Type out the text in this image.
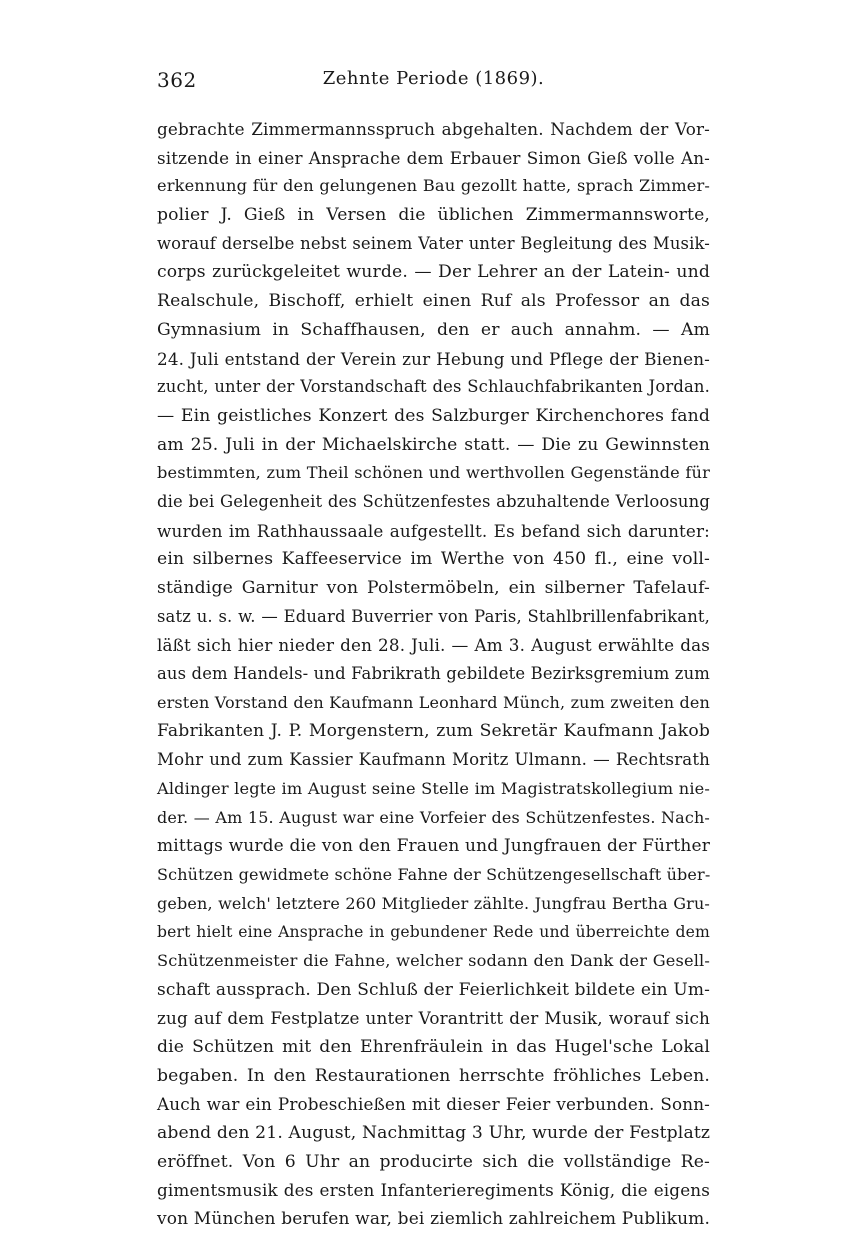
362	Zehnte Periode (1869).
gebrachte Zimmermannsspruch abgehalten. Nachdem der Vor-
sitzende in einer Ansprache dem Erbauer Simon Gieß volle An-
erkennung für den gelungenen Bau gezollt hatte, sprach Zimmer-
polier J. Gieß in Versen die üblichen Zimmermannsworte,
worauf derselbe nebst seinem Vater unter Begleitung des Musik-
corps zurückgeleitet wurde. — Der Lehrer an der Latein- und
Realschule, Bischoff, erhielt einen Ruf als Professor an das
Gymnasium in Schaffhausen, den er auch annahm. — Am
24. Juli entstand der Verein zur Hebung und Pflege der Bienen-
zucht, unter der Vorstandschaft des Schlauchfabrikanten Jordan.
— Ein geistliches Konzert des Salzburger Kirchenchores fand
am 25. Juli in der Michaelskirche statt. — Die zu Gewinnsten
bestimmten, zum Theil schönen und werthvollen Gegenstände für
die bei Gelegenheit des Schützenfestes abzuhaltende Verloosung
wurden im Rathhaussaale aufgestellt. Es befand sich darunter:
ein silbernes Kaffeeservice im Werthe von 450 fl., eine voll-
ständige Garnitur von Polstermöbeln, ein silberner Tafelauf-
satz u. s. w. — Eduard Buverrier von Paris, Stahlbrillenfabrikant,
läßt sich hier nieder den 28. Juli. — Am 3. August erwählte das
aus dem Handels- und Fabrikrath gebildete Bezirksgremium zum
ersten Vorstand den Kaufmann Leonhard Münch, zum zweiten den
Fabrikanten J. P. Morgenstern, zum Sekretär Kaufmann Jakob
Mohr und zum Kassier Kaufmann Moritz Ulmann. — Rechtsrath
Aldinger legte im August seine Stelle im Magistratskollegium nie-
der. — Am 15. August war eine Vorfeier des Schützenfestes. Nach-
mittags wurde die von den Frauen und Jungfrauen der Fürther
Schützen gewidmete schöne Fahne der Schützengesellschaft über-
geben, welch' letztere 260 Mitglieder zählte. Jungfrau Bertha Gru-
bert hielt eine Ansprache in gebundener Rede und überreichte dem
Schützenmeister die Fahne, welcher sodann den Dank der Gesell-
schaft aussprach. Den Schluß der Feierlichkeit bildete ein Um-
zug auf dem Festplatze unter Vorantritt der Musik, worauf sich
die Schützen mit den Ehrenfräulein in das Hugel'sche Lokal
begaben. In den Restaurationen herrschte fröhliches Leben.
Auch war ein Probeschießen mit dieser Feier verbunden. Sonn-
abend den 21. August, Nachmittag 3 Uhr, wurde der Festplatz
eröffnet. Von 6 Uhr an producirte sich die vollständige Re-
gimentsmusik des ersten Infanterieregiments König, die eigens
von München berufen war, bei ziemlich zahlreichem Publikum.
